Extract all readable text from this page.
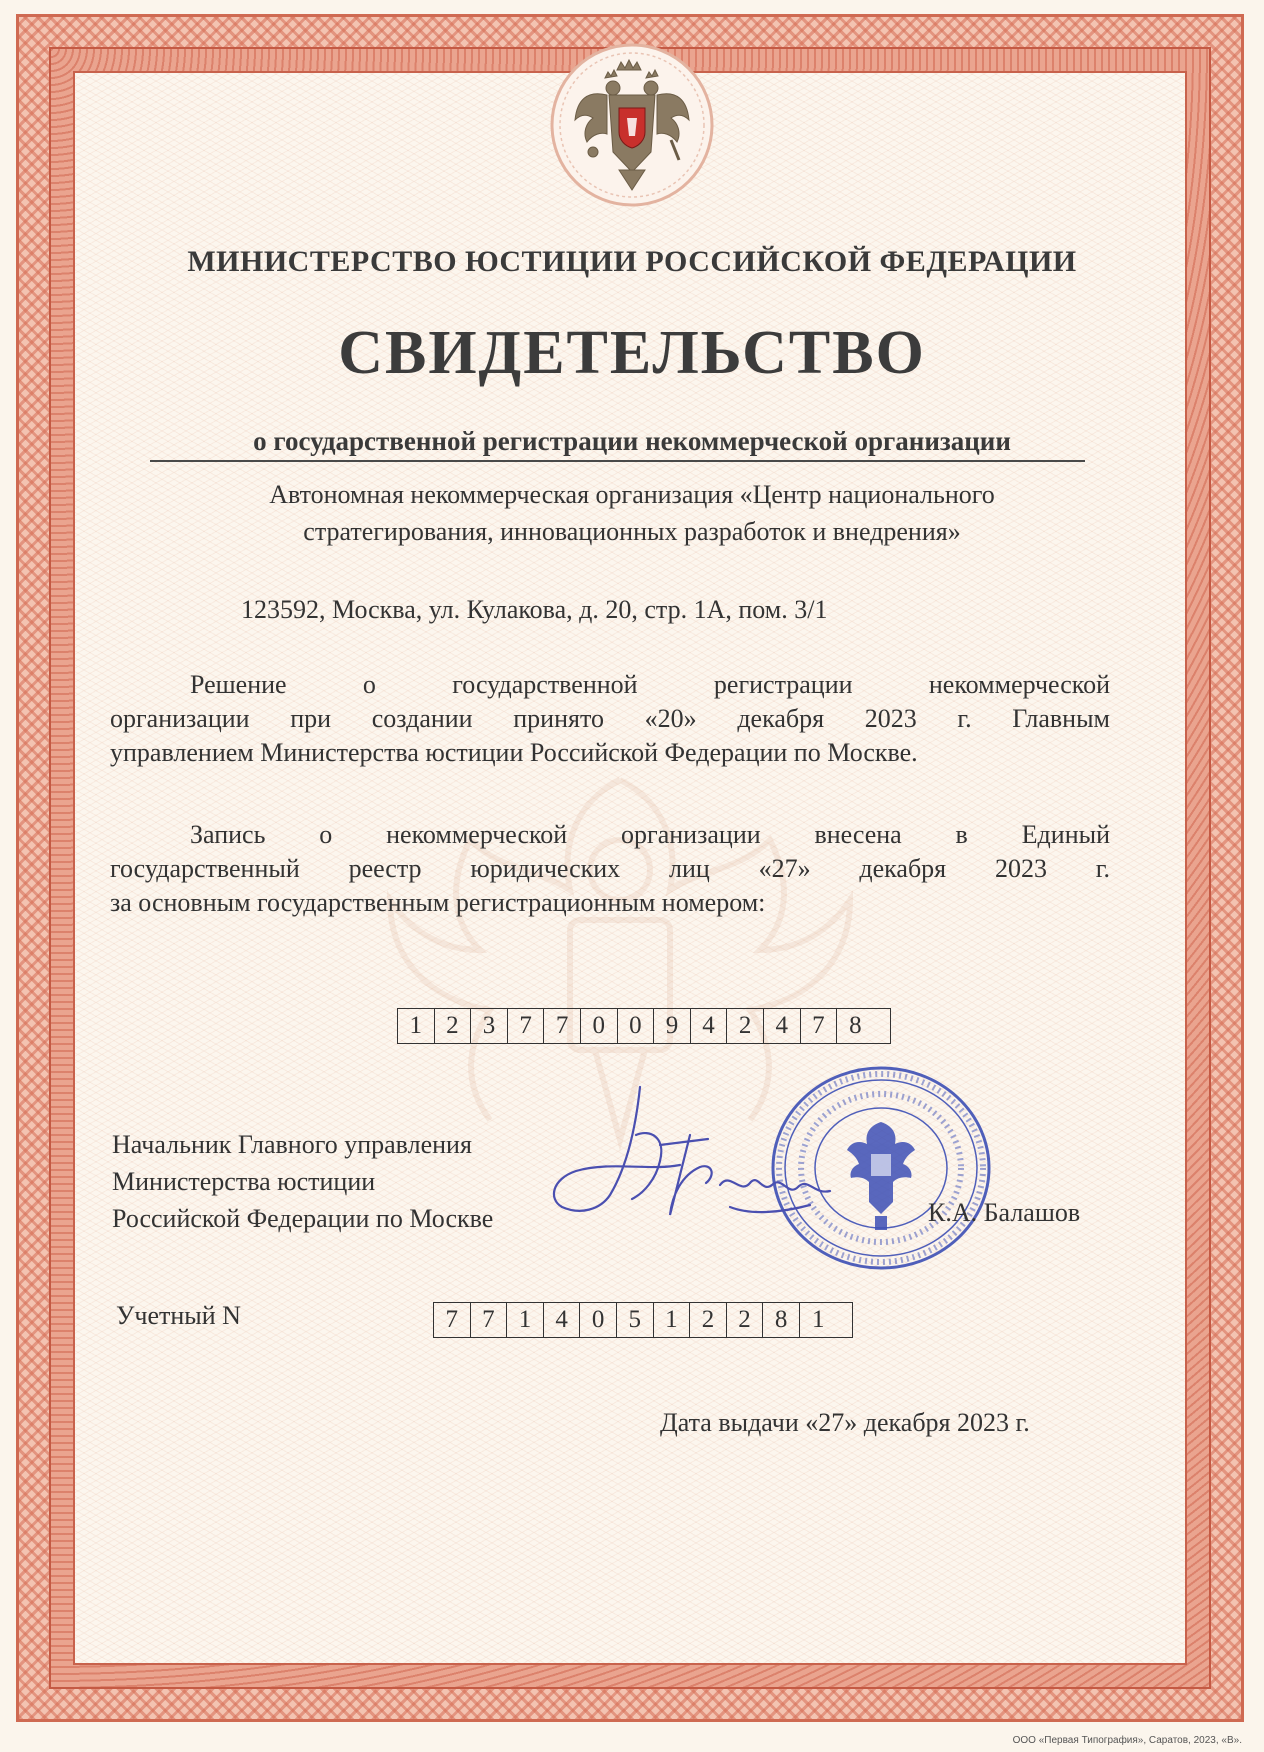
МИНИСТЕРСТВО ЮСТИЦИИ РОССИЙСКОЙ ФЕДЕРАЦИИ
СВИДЕТЕЛЬСТВО
о государственной регистрации некоммерческой организации
Автономная некоммерческая организация «Центр национального
стратегирования, инновационных разработок и внедрения»
123592, Москва, ул. Кулакова, д. 20, стр. 1А, пом. 3/1
Решение о государственной регистрации некоммерческой
организации при создании принято «20» декабря 2023 г. Главным
управлением Министерства юстиции Российской Федерации по Москве.
Запись о некоммерческой организации внесена в Единый
государственный реестр юридических лиц «27» декабря 2023 г.
за основным государственным регистрационным номером:
1 2 3 7 7 0 0 9 4 2 4 7 8
Начальник Главного управления
Министерства юстиции
Российской Федерации по Москве	К.А. Балашов
Учетный N	7 7 1 4 0 5 1 2 2 8 1
Дата выдачи «27» декабря 2023 г.
ООО «Первая Типография», Саратов, 2023, «В».
